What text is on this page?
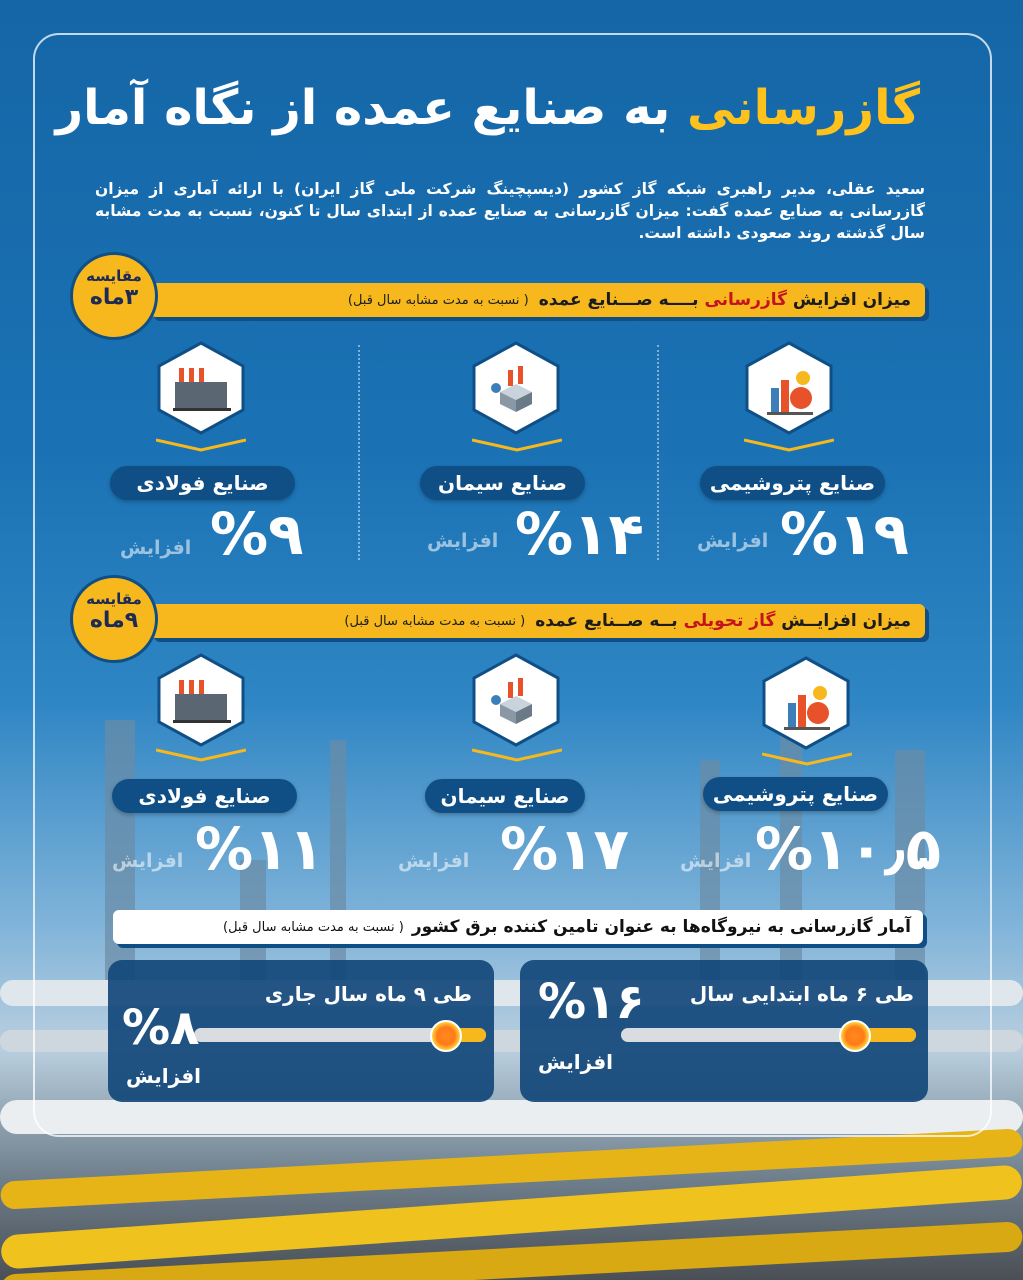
گازرسانی به صنایع عمده از نگاه آمار
سعید عقلی، مدیر راهبری شبکه گاز کشور (دیسپچینگ شرکت ملی گاز ایران) با ارائه آماری از میزان گازرسانی به صنایع عمده گفت: میزان گازرسانی به صنایع عمده از ابتدای سال تا کنون، نسبت به مدت مشابه سال گذشته روند صعودی داشته است.
میزان افزایش گازرسانی بــــه صـــنایع عمده
( نسبت به مدت مشابه سال قبل)
مقایسه
۳ماه
صنایع پتروشیمی
%۱۹
افزایش
صنایع سیمان
%۱۴
افزایش
صنایع فولادی
%۹
افزایش
میزان افزایــش گاز تحویلی بــه صــنایع عمده
( نسبت به مدت مشابه سال قبل)
مقایسه
۹ماه
صنایع پتروشیمی
%۱۰٫۵
افزایش
صنایع سیمان
%۱۷
افزایش
صنایع فولادی
%۱۱
افزایش
آمار گازرسانی به نیروگاه‌ها به عنوان تامین کننده برق کشور
( نسبت به مدت مشابه سال قبل)
طی ۶ ماه ابتدایی سال
%۱۶
افزایش
طی ۹ ماه سال جاری
%۸
افزایش
